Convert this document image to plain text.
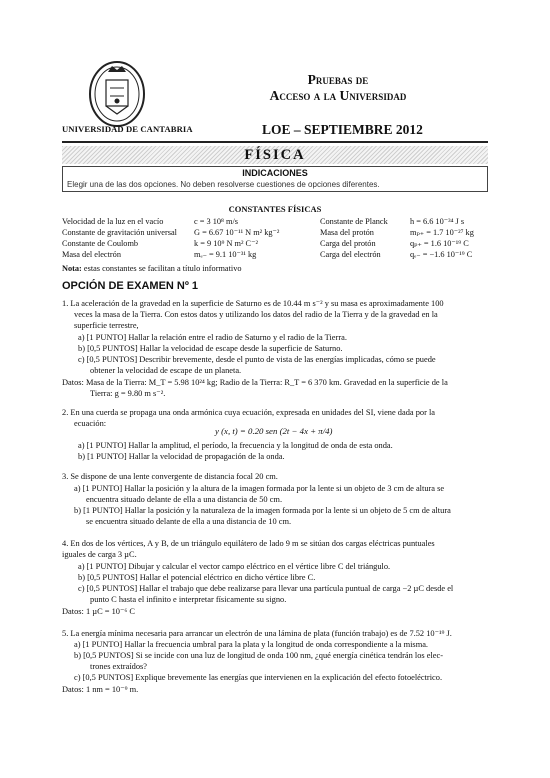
UNIVERSIDAD DE CANTABRIA
Pruebas de
Acceso a la Universidad
LOE – SEPTIEMBRE 2012
FÍSICA
INDICACIONES
Elegir una de las dos opciones. No deben resolverse cuestiones de opciones diferentes.
CONSTANTES FÍSICAS
Velocidad de la luz en el vacío
Constante de gravitación universal
Constante de Coulomb
Masa del electrón
c = 3 10⁸ m/s
G = 6.67 10⁻¹¹ N m² kg⁻²
k = 9 10⁹ N m² C⁻²
mₑ₋ = 9.1 10⁻³¹ kg
Constante de Planck
Masa del protón
Carga del protón
Carga del electrón
h = 6.6 10⁻³⁴ J s
mₚ₊ = 1.7 10⁻²⁷ kg
qₚ₊ = 1.6 10⁻¹⁹ C
qₑ₋ = −1.6 10⁻¹⁹ C
Nota: estas constantes se facilitan a título informativo
OPCIÓN DE EXAMEN Nº 1
1. La aceleración de la gravedad en la superficie de Saturno es de 10.44 m s⁻² y su masa es aproximadamente 100
veces la masa de la Tierra. Con estos datos y utilizando los datos del radio de la Tierra y de la gravedad en la
superficie terrestre,
a) [1 PUNTO] Hallar la relación entre el radio de Saturno y el radio de la Tierra.
b) [0,5 PUNTOS] Hallar la velocidad de escape desde la superficie de Saturno.
c) [0,5 PUNTOS] Describir brevemente, desde el punto de vista de las energías implicadas, cómo se puede
obtener la velocidad de escape de un planeta.
Datos: Masa de la Tierra: M_T = 5.98 10²⁴ kg; Radio de la Tierra: R_T = 6 370 km. Gravedad en la superficie de la
Tierra: g = 9.80 m s⁻².
2. En una cuerda se propaga una onda armónica cuya ecuación, expresada en unidades del SI, viene dada por la
ecuación:
y (x, t) = 0.20 sen (2t − 4x + π/4)
a) [1 PUNTO] Hallar la amplitud, el período, la frecuencia y la longitud de onda de esta onda.
b) [1 PUNTO] Hallar la velocidad de propagación de la onda.
3. Se dispone de una lente convergente de distancia focal 20 cm.
a) [1 PUNTO] Hallar la posición y la altura de la imagen formada por la lente si un objeto de 3 cm de altura se
encuentra situado delante de ella a una distancia de 50 cm.
b) [1 PUNTO] Hallar la posición y la naturaleza de la imagen formada por la lente si un objeto de 5 cm de altura
se encuentra situado delante de ella a una distancia de 10 cm.
4. En dos de los vértices, A y B, de un triángulo equilátero de lado 9 m se sitúan dos cargas eléctricas puntuales
iguales de carga 3 µC.
a) [1 PUNTO] Dibujar y calcular el vector campo eléctrico en el vértice libre C del triángulo.
b) [0,5 PUNTOS] Hallar el potencial eléctrico en dicho vértice libre C.
c) [0,5 PUNTOS] Hallar el trabajo que debe realizarse para llevar una partícula puntual de carga −2 µC desde el
punto C hasta el infinito e interpretar físicamente su signo.
Datos: 1 µC = 10⁻⁶ C
5. La energía mínima necesaria para arrancar un electrón de una lámina de plata (función trabajo) es de 7.52 10⁻¹⁹ J.
a) [1 PUNTO] Hallar la frecuencia umbral para la plata y la longitud de onda correspondiente a la misma.
b) [0,5 PUNTOS] Si se incide con una luz de longitud de onda 100 nm, ¿qué energía cinética tendrán los elec-
trones extraídos?
c) [0,5 PUNTOS] Explique brevemente las energías que intervienen en la explicación del efecto fotoeléctrico.
Datos: 1 nm = 10⁻⁹ m.
